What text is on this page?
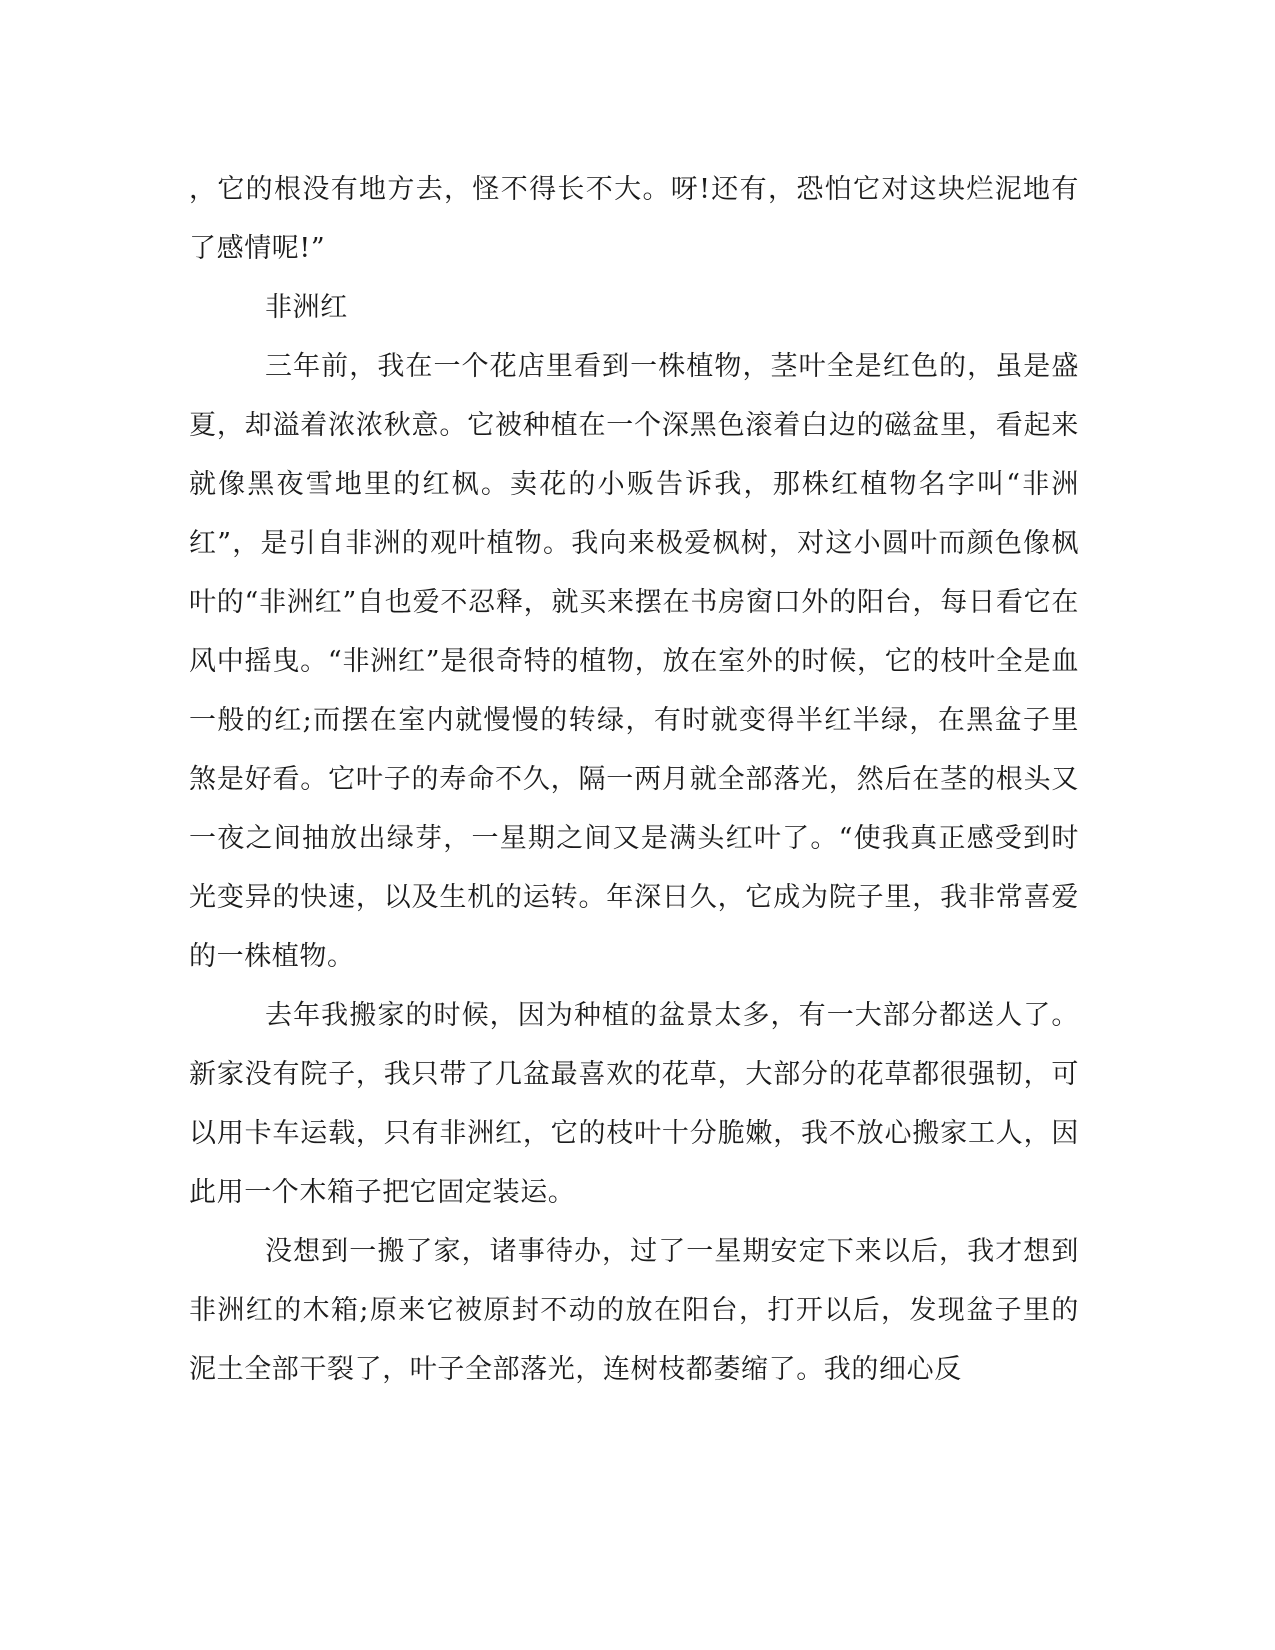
，它的根没有地方去，怪不得长不大。呀!还有，恐怕它对这块烂泥地有了感情呢!”

非洲红

三年前，我在一个花店里看到一株植物，茎叶全是红色的，虽是盛夏，却溢着浓浓秋意。它被种植在一个深黑色滚着白边的磁盆里，看起来就像黑夜雪地里的红枫。卖花的小贩告诉我，那株红植物名字叫“非洲红”，是引自非洲的观叶植物。我向来极爱枫树，对这小圆叶而颜色像枫叶的“非洲红”自也爱不忍释，就买来摆在书房窗口外的阳台，每日看它在风中摇曳。“非洲红”是很奇特的植物，放在室外的时候，它的枝叶全是血一般的红;而摆在室内就慢慢的转绿，有时就变得半红半绿，在黑盆子里煞是好看。它叶子的寿命不久，隔一两月就全部落光，然后在茎的根头又一夜之间抽放出绿芽，一星期之间又是满头红叶了。“使我真正感受到时光变异的快速，以及生机的运转。年深日久，它成为院子里，我非常喜爱的一株植物。

去年我搬家的时候，因为种植的盆景太多，有一大部分都送人了。新家没有院子，我只带了几盆最喜欢的花草，大部分的花草都很强韧，可以用卡车运载，只有非洲红，它的枝叶十分脆嫩，我不放心搬家工人，因此用一个木箱子把它固定装运。

没想到一搬了家，诸事待办，过了一星期安定下来以后，我才想到非洲红的木箱;原来它被原封不动的放在阳台，打开以后，发现盆子里的泥土全部干裂了，叶子全部落光，连树枝都萎缩了。我的细心反
